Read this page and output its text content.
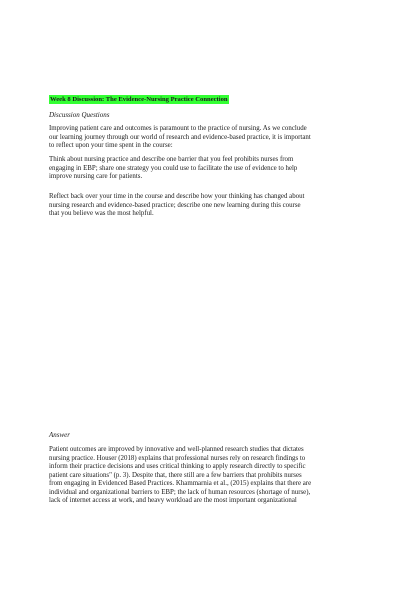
Week 8 Discussion: The Evidence-Nursing Practice Connection
Discussion Questions
Improving patient care and outcomes is paramount to the practice of nursing. As we conclude
our learning journey through our world of research and evidence-based practice, it is important
to reflect upon your time spent in the course:
Think about nursing practice and describe one barrier that you feel prohibits nurses from
engaging in EBP; share one strategy you could use to facilitate the use of evidence to help
improve nursing care for patients.
Reflect back over your time in the course and describe how your thinking has changed about
nursing research and evidence-based practice; describe one new learning during this course
that you believe was the most helpful.
Answer
Patient outcomes are improved by innovative and well-planned research studies that dictates
nursing practice. Houser (2018) explains that professional nurses rely on research findings to
inform their practice decisions and uses critical thinking to apply research directly to specific
patient care situations" (p. 3). Despite that, there still are a few barriers that prohibits nurses
from engaging in Evidenced Based Practices. Khammarnia et al., (2015) explains that there are
individual and organizational barriers to EBP; the lack of human resources (shortage of nurse),
lack of internet access at work, and heavy workload are the most important organizational
